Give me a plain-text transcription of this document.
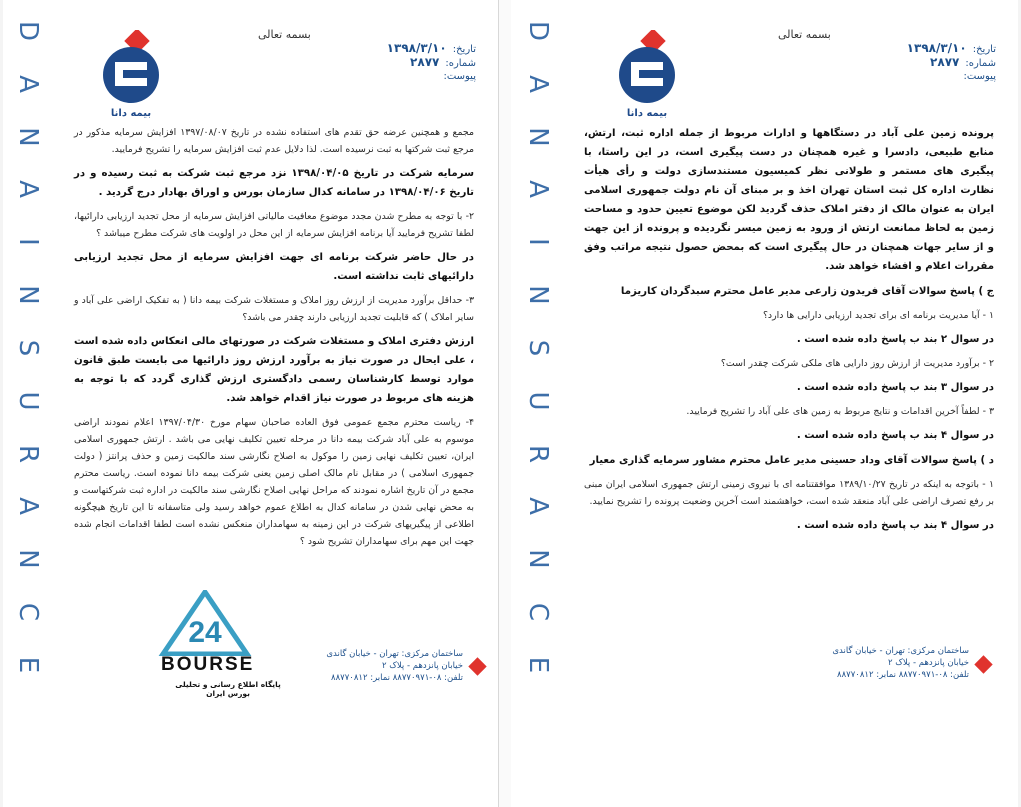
D
A
N
A
I
N
S
U
R
A
N
C
E
بسمه تعالی
بیمه دانا
تاریخ:
۱۳۹۸/۳/۱۰
شماره:
۲۸۷۷
پیوست:

مجمع و همچنین عرضه حق تقدم های استفاده نشده در تاریخ ۱۳۹۷/۰۸/۰۷ افزایش سرمایه مذکور در مرجع ثبت شرکتها به ثبت نرسیده است. لذا دلایل عدم ثبت افزایش سرمایه را تشریح فرمایید.

سرمایه شرکت در تاریخ ۱۳۹۸/۰۴/۰۵ نزد مرجع ثبت شرکت به ثبت رسیده و در تاریخ ۱۳۹۸/۰۴/۰۶ در سامانه کدال سازمان بورس و اوراق بهادار درج گردید .

۲- با توجه به مطرح شدن مجدد موضوع معافیت مالیاتی افزایش سرمایه از محل تجدید ارزیابی دارائیها، لطفا تشریح فرمایید آیا برنامه افزایش سرمایه از این محل در اولویت های شرکت مطرح میباشد ؟

در حال حاضر شرکت برنامه ای جهت افزایش سرمایه از محل تجدید ارزیابی دارائیهای ثابت نداشته است.

۳- حداقل برآورد مدیریت از ارزش روز املاک و مستغلات شرکت بیمه دانا ( به تفکیک اراضی علی آباد و سایر املاک ) که قابلیت تجدید ارزیابی دارند چقدر می باشد؟

ارزش دفتری املاک و مستغلات شرکت در صورتهای مالی انعکاس داده شده است ، علی ایحال در صورت نیاز به برآورد ارزش روز دارائیها می بایست طبق قانون موارد توسط کارشناسان رسمی دادگستری ارزش گذاری گردد که با توجه به هزینه های مربوط در صورت نیاز اقدام خواهد شد.

۴- ریاست محترم مجمع عمومی فوق العاده صاحبان سهام مورخ ۱۳۹۷/۰۴/۳۰ اعلام نمودند اراضی موسوم به علی آباد شرکت بیمه دانا در مرحله تعیین تکلیف نهایی می باشد . ارتش جمهوری اسلامی ایران، تعیین تکلیف نهایی زمین را موکول به اصلاح نگارشی سند مالکیت زمین و حذف پرانتز ( دولت جمهوری اسلامی ) در مقابل نام مالک اصلی زمین یعنی شرکت بیمه دانا نموده است. ریاست محترم مجمع در آن تاریخ اشاره نمودند که مراحل نهایی اصلاح نگارشی سند مالکیت در اداره ثبت شرکتهاست و به محض نهایی شدن در سامانه کدال به اطلاع عموم خواهد رسید ولی متاسفانه تا این تاریخ هیچگونه اطلاعی از پیگیریهای شرکت در این زمینه به سهامداران منعکس نشده است لطفا اقدامات انجام شده جهت این مهم برای سهامداران تشریح شود ؟

24
BOURSE
پایگاه اطلاع رسانی و تحلیلی بورس ایران
ساختمان مرکزی: تهران - خیابان گاندی
خیابان پانزدهم - پلاک ۲
تلفن: ۰۸-۸۸۷۷۰۹۷۱ نمابر: ۸۸۷۷۰۸۱۲
D
A
N
A
I
N
S
U
R
A
N
C
E
بسمه تعالی
بیمه دانا
تاریخ:
۱۳۹۸/۳/۱۰
شماره:
۲۸۷۷
پیوست:

پرونده زمین علی آباد در دستگاهها و ادارات مربوط از جمله اداره ثبت، ارتش، منابع طبیعی، دادسرا و غیره همچنان در دست پیگیری است، در این راستا، با پیگیری های مستمر و طولانی نظر کمیسیون مستندسازی دولت و رأی هیأت نظارت اداره کل ثبت استان تهران اخذ و بر مبنای آن نام دولت جمهوری اسلامی ایران به عنوان مالک از دفتر املاک حذف گردید لکن موضوع تعیین حدود و مساحت زمین به لحاظ ممانعت ارتش از ورود به زمین میسر نگردیده و پرونده از این جهت و از سایر جهات همچنان در حال پیگیری است که بمحض حصول نتیجه مراتب وفق مقررات اعلام و افشاء خواهد شد.

ج ) پاسخ سوالات آقای فریدون زارعی مدیر عامل محترم سبدگردان کاریزما

۱ - آیا مدیریت برنامه ای برای تجدید ارزیابی دارایی ها دارد؟

در سوال ۲ بند ب پاسخ داده شده است .

۲ - برآورد مدیریت از ارزش روز دارایی های ملکی شرکت چقدر است؟

در سوال ۳ بند ب پاسخ داده شده است .

۳ - لطفاً آخرین اقدامات و نتایج مربوط به زمین های علی آباد را تشریح فرمایید.

در سوال ۴ بند ب پاسخ داده شده است .

د ) پاسخ سوالات آقای وداد حسینی مدیر عامل محترم مشاور سرمایه گذاری معیار

۱ - باتوجه به اینکه در تاریخ ۱۳۸۹/۱۰/۲۷ موافقتنامه ای با نیروی زمینی ارتش جمهوری اسلامی ایران مبنی بر رفع تصرف اراضی علی آباد منعقد شده است، خواهشمند است آخرین وضعیت پرونده را تشریح نمایید.

در سوال ۴ بند ب پاسخ داده شده است .

ساختمان مرکزی: تهران - خیابان گاندی
خیابان پانزدهم - پلاک ۲
تلفن: ۰۸-۸۸۷۷۰۹۷۱ نمابر: ۸۸۷۷۰۸۱۲
